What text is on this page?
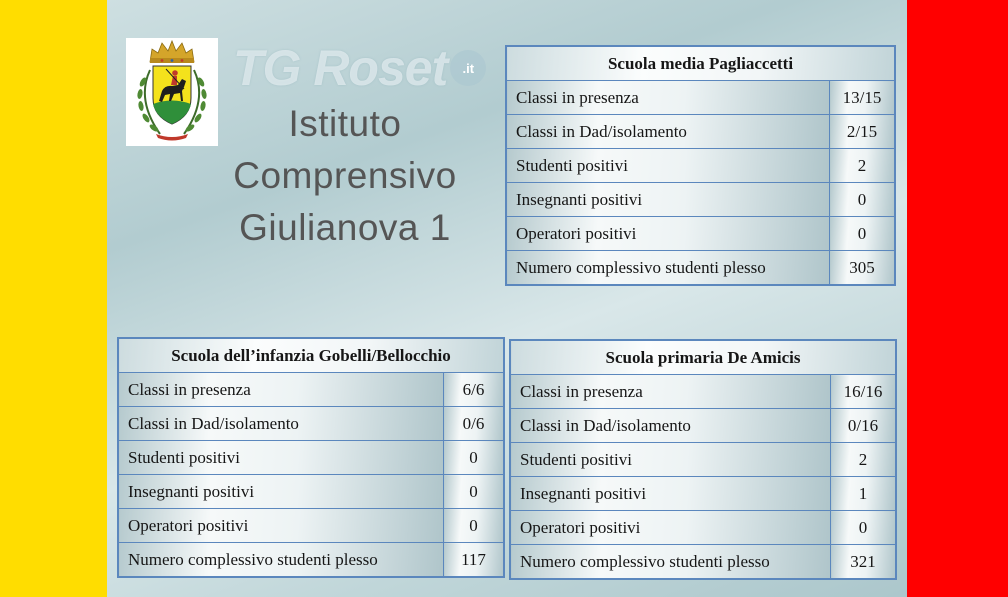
TG Roset	.it
Istituto
Comprensivo
Giulianova 1
Scuola media Pagliaccetti	
Classi in presenza	13/15
Classi in Dad/isolamento	2/15
Studenti positivi	2
Insegnanti positivi	0
Operatori positivi	0
Numero complessivo studenti plesso	305
Scuola dell’infanzia Gobelli/Bellocchio	
Classi in presenza	6/6
Classi in Dad/isolamento	0/6
Studenti positivi	0
Insegnanti positivi	0
Operatori positivi	0
Numero complessivo studenti plesso	117
Scuola primaria De Amicis	
Classi in presenza	16/16
Classi in Dad/isolamento	0/16
Studenti positivi	2
Insegnanti positivi	1
Operatori positivi	0
Numero complessivo studenti plesso	321
